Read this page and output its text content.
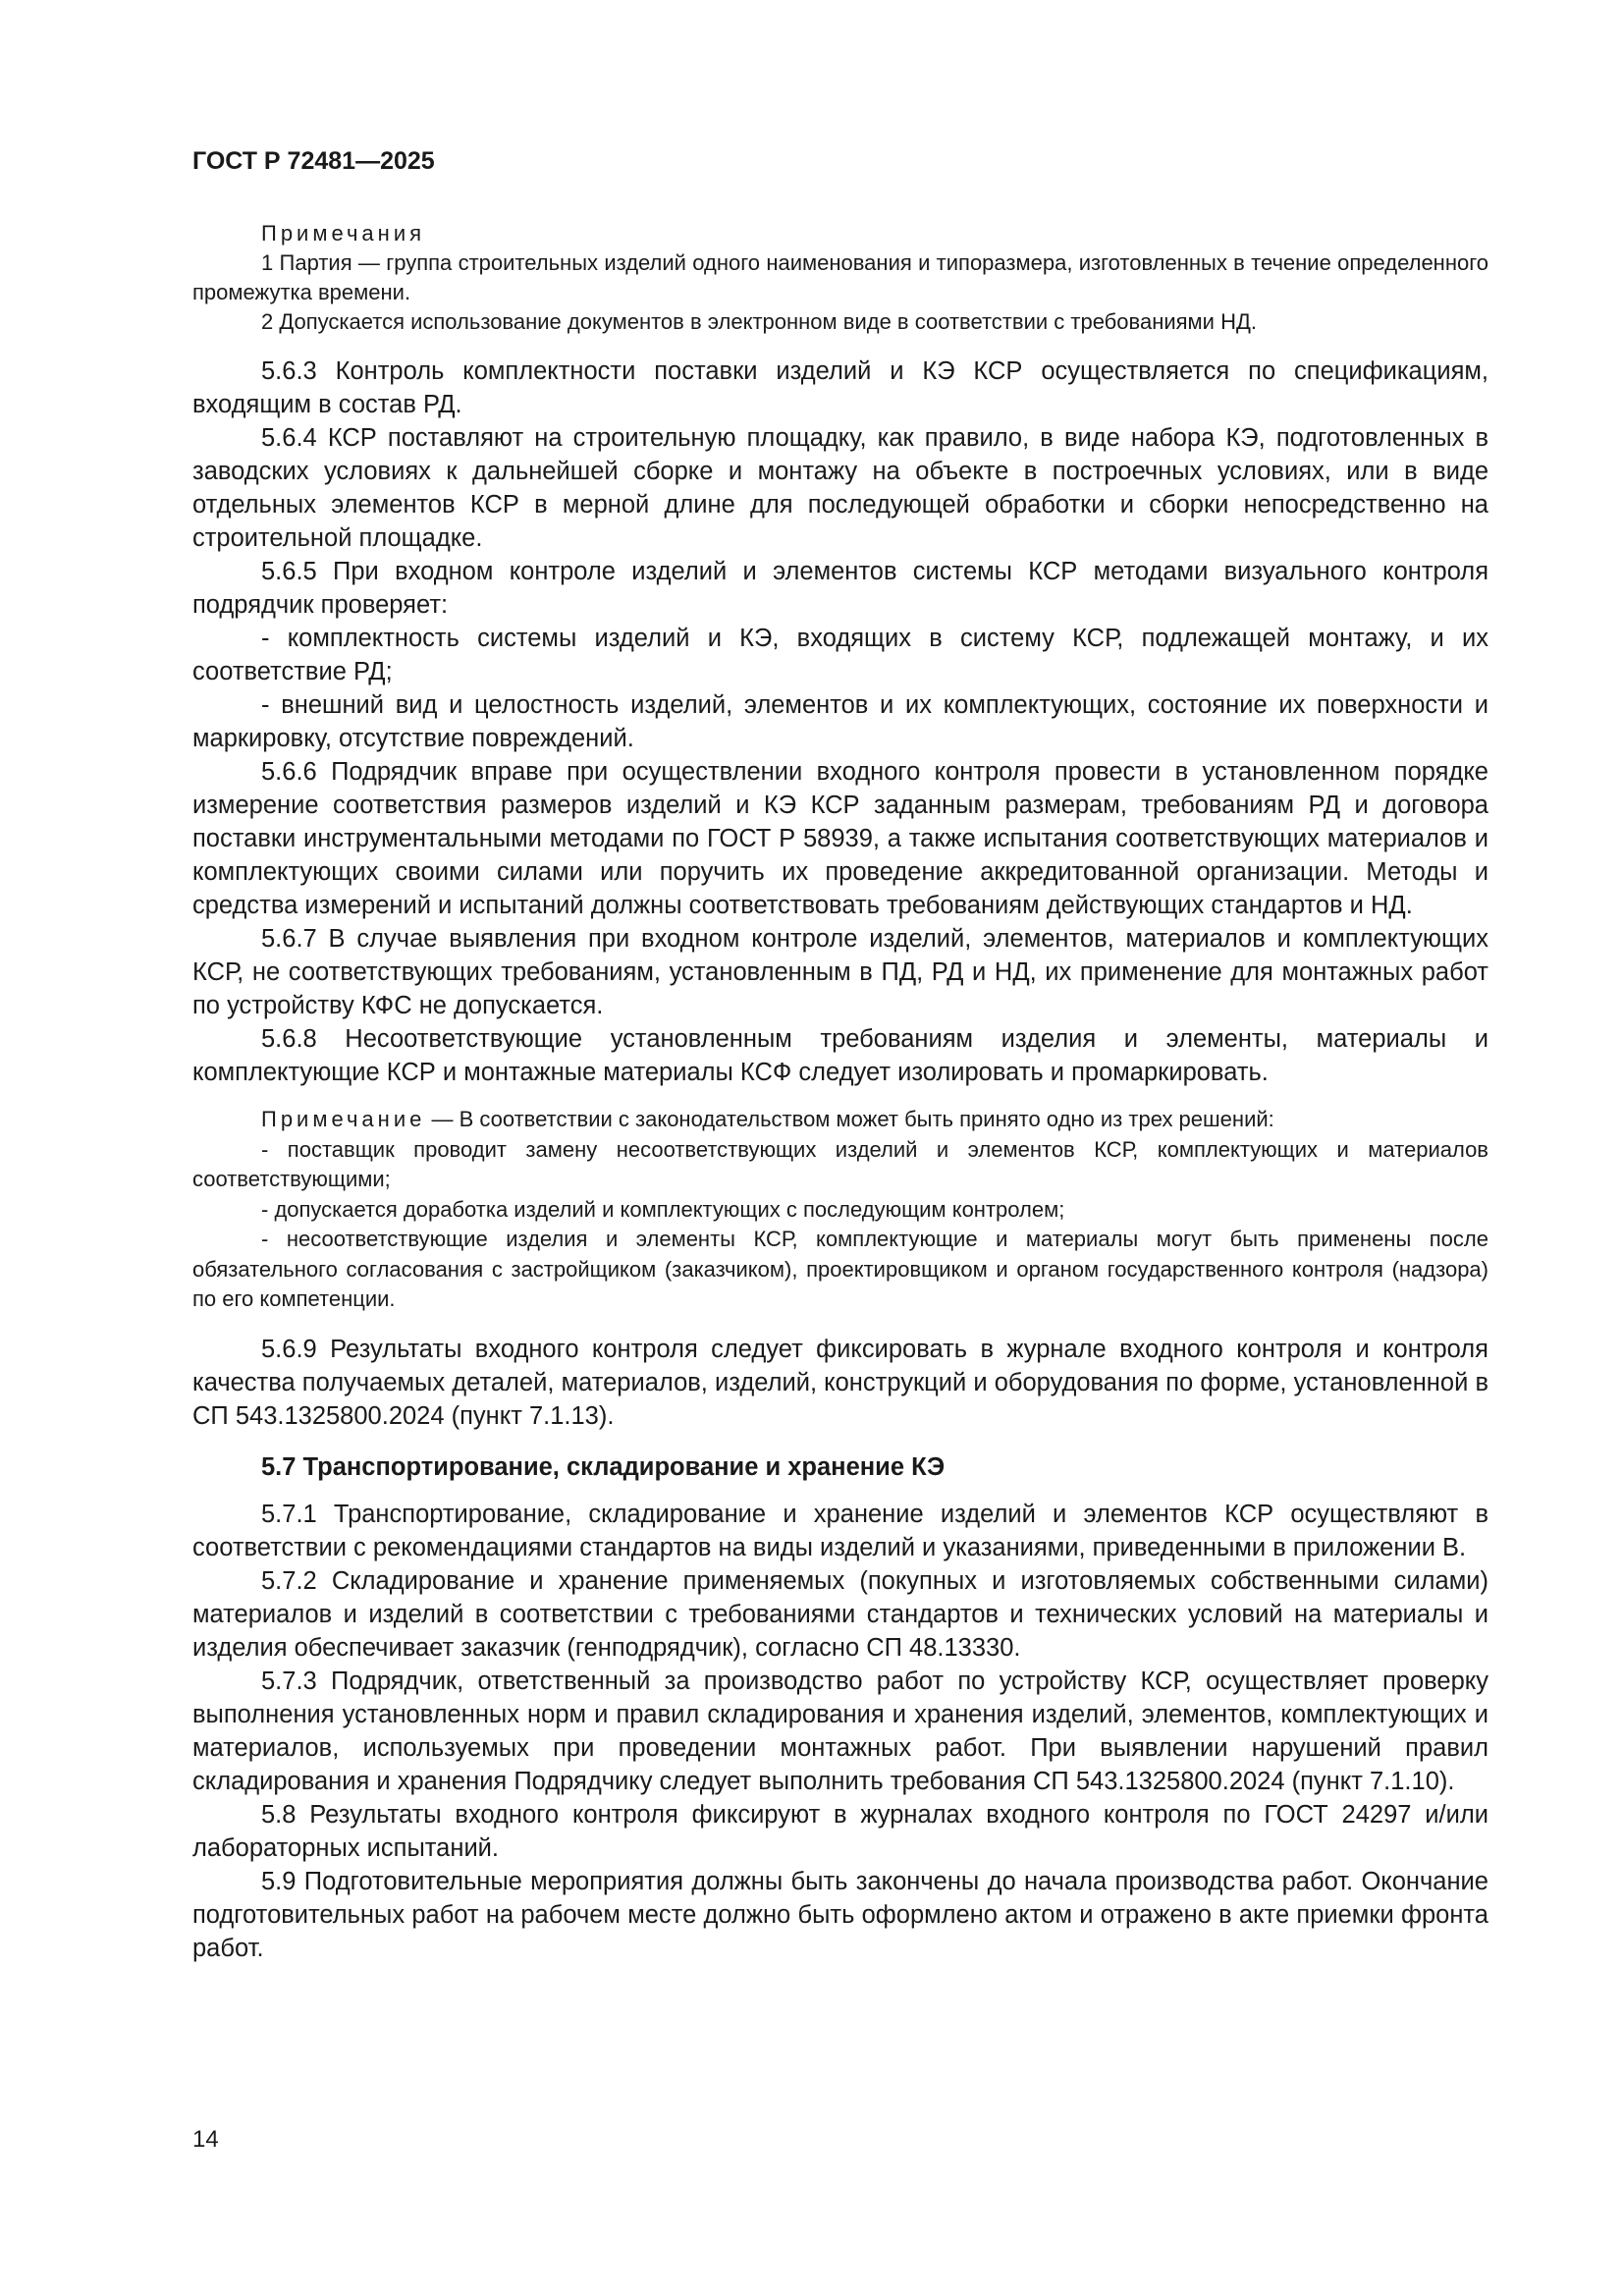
ГОСТ Р 72481—2025

Примечания

1 Партия — группа строительных изделий одного наименования и типоразмера, изготовленных в течение определенного промежутка времени.

2 Допускается использование документов в электронном виде в соответствии с требованиями НД.

5.6.3 Контроль комплектности поставки изделий и КЭ КСР осуществляется по спецификациям, входящим в состав РД.

5.6.4 КСР поставляют на строительную площадку, как правило, в виде набора КЭ, подготовленных в заводских условиях к дальнейшей сборке и монтажу на объекте в построечных условиях, или в виде отдельных элементов КСР в мерной длине для последующей обработки и сборки непосредственно на строительной площадке.

5.6.5 При входном контроле изделий и элементов системы КСР методами визуального контроля подрядчик проверяет:

- комплектность системы изделий и КЭ, входящих в систему КСР, подлежащей монтажу, и их соответствие РД;

- внешний вид и целостность изделий, элементов и их комплектующих, состояние их поверхности и маркировку, отсутствие повреждений.

5.6.6 Подрядчик вправе при осуществлении входного контроля провести в установленном порядке измерение соответствия размеров изделий и КЭ КСР заданным размерам, требованиям РД и договора поставки инструментальными методами по ГОСТ Р 58939, а также испытания соответствующих материалов и комплектующих своими силами или поручить их проведение аккредитованной организации. Методы и средства измерений и испытаний должны соответствовать требованиям действующих стандартов и НД.

5.6.7 В случае выявления при входном контроле изделий, элементов, материалов и комплектующих КСР, не соответствующих требованиям, установленным в ПД, РД и НД, их применение для монтажных работ по устройству КФС не допускается.

5.6.8 Несоответствующие установленным требованиям изделия и элементы, материалы и комплектующие КСР и монтажные материалы КСФ следует изолировать и промаркировать.

Примечание — В соответствии с законодательством может быть принято одно из трех решений:

- поставщик проводит замену несоответствующих изделий и элементов КСР, комплектующих и материалов соответствующими;

- допускается доработка изделий и комплектующих с последующим контролем;

- несоответствующие изделия и элементы КСР, комплектующие и материалы могут быть применены после обязательного согласования с застройщиком (заказчиком), проектировщиком и органом государственного контроля (надзора) по его компетенции.

5.6.9 Результаты входного контроля следует фиксировать в журнале входного контроля и контроля качества получаемых деталей, материалов, изделий, конструкций и оборудования по форме, установленной в СП 543.1325800.2024 (пункт 7.1.13).

5.7 Транспортирование, складирование и хранение КЭ

5.7.1 Транспортирование, складирование и хранение изделий и элементов КСР осуществляют в соответствии с рекомендациями стандартов на виды изделий и указаниями, приведенными в приложении В.

5.7.2 Складирование и хранение применяемых (покупных и изготовляемых собственными силами) материалов и изделий в соответствии с требованиями стандартов и технических условий на материалы и изделия обеспечивает заказчик (генподрядчик), согласно СП 48.13330.

5.7.3 Подрядчик, ответственный за производство работ по устройству КСР, осуществляет проверку выполнения установленных норм и правил складирования и хранения изделий, элементов, комплектующих и материалов, используемых при проведении монтажных работ. При выявлении нарушений правил складирования и хранения Подрядчику следует выполнить требования СП 543.1325800.2024 (пункт 7.1.10).

5.8 Результаты входного контроля фиксируют в журналах входного контроля по ГОСТ 24297 и/или лабораторных испытаний.

5.9 Подготовительные мероприятия должны быть закончены до начала производства работ. Окончание подготовительных работ на рабочем месте должно быть оформлено актом и отражено в акте приемки фронта работ.

14
